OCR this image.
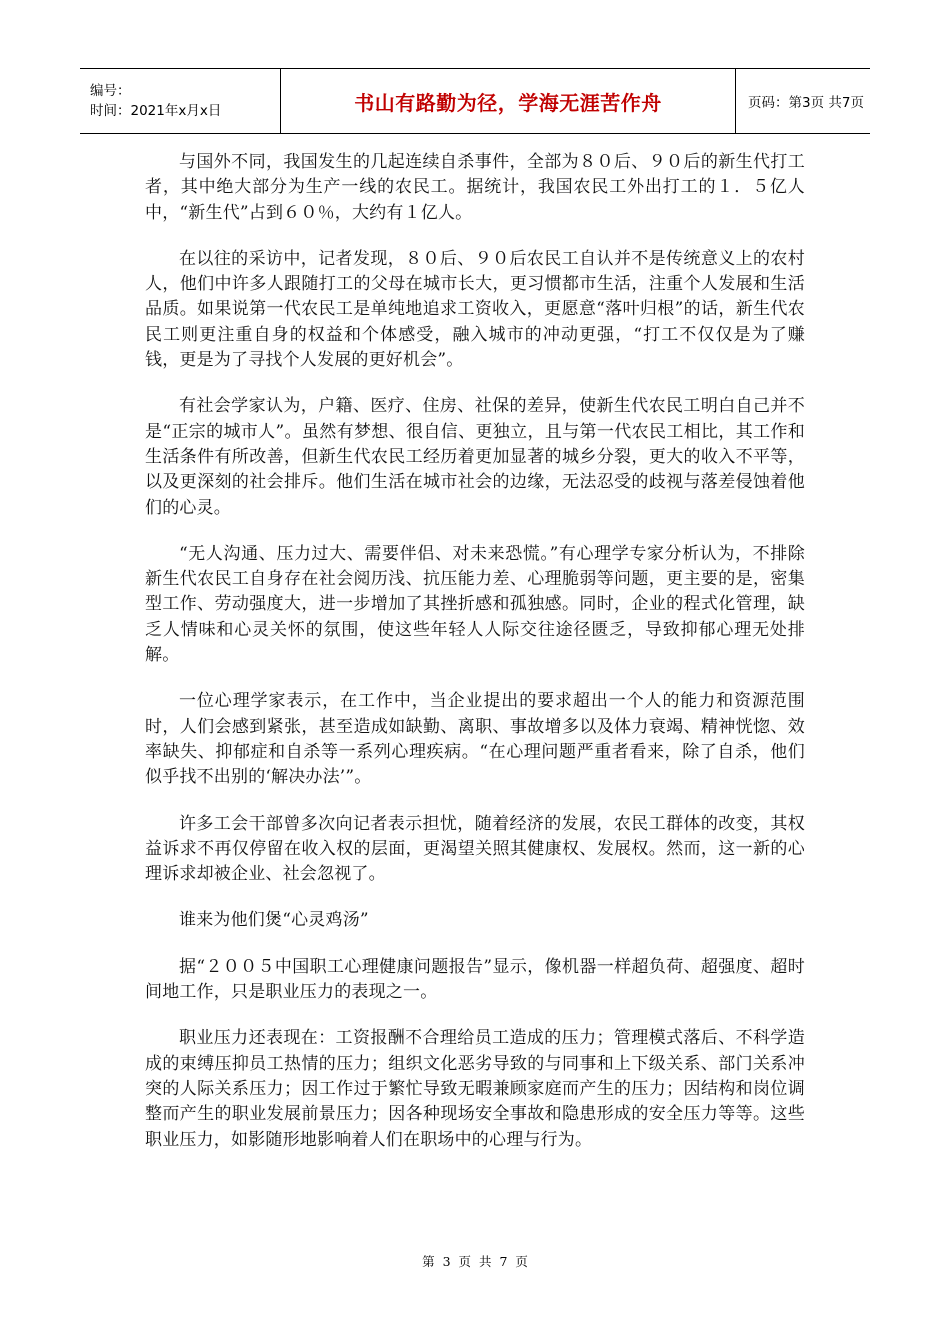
编号：
时间：2021年x月x日	书山有路勤为径，学海无涯苦作舟	页码：第3页 共7页

与国外不同，我国发生的几起连续自杀事件，全部为８０后、９０后的新生代打工者，其中绝大部分为生产一线的农民工。据统计，我国农民工外出打工的１．５亿人中，“新生代”占到６０％，大约有１亿人。

在以往的采访中，记者发现，８０后、９０后农民工自认并不是传统意义上的农村人，他们中许多人跟随打工的父母在城市长大，更习惯都市生活，注重个人发展和生活品质。如果说第一代农民工是单纯地追求工资收入，更愿意“落叶归根”的话，新生代农民工则更注重自身的权益和个体感受，融入城市的冲动更强，“打工不仅仅是为了赚钱，更是为了寻找个人发展的更好机会”。

有社会学家认为，户籍、医疗、住房、社保的差异，使新生代农民工明白自己并不是“正宗的城市人”。虽然有梦想、很自信、更独立，且与第一代农民工相比，其工作和生活条件有所改善，但新生代农民工经历着更加显著的城乡分裂，更大的收入不平等，以及更深刻的社会排斥。他们生活在城市社会的边缘，无法忍受的歧视与落差侵蚀着他们的心灵。

“无人沟通、压力过大、需要伴侣、对未来恐慌。”有心理学专家分析认为，不排除新生代农民工自身存在社会阅历浅、抗压能力差、心理脆弱等问题，更主要的是，密集型工作、劳动强度大，进一步增加了其挫折感和孤独感。同时，企业的程式化管理，缺乏人情味和心灵关怀的氛围，使这些年轻人人际交往途径匮乏，导致抑郁心理无处排解。

一位心理学家表示，在工作中，当企业提出的要求超出一个人的能力和资源范围时，人们会感到紧张，甚至造成如缺勤、离职、事故增多以及体力衰竭、精神恍惚、效率缺失、抑郁症和自杀等一系列心理疾病。“在心理问题严重者看来，除了自杀，他们似乎找不出别的‘解决办法’”。

许多工会干部曾多次向记者表示担忧，随着经济的发展，农民工群体的改变，其权益诉求不再仅停留在收入权的层面，更渴望关照其健康权、发展权。然而，这一新的心理诉求却被企业、社会忽视了。

谁来为他们煲“心灵鸡汤”

据“２００５中国职工心理健康问题报告”显示，像机器一样超负荷、超强度、超时间地工作，只是职业压力的表现之一。

职业压力还表现在：工资报酬不合理给员工造成的压力；管理模式落后、不科学造成的束缚压抑员工热情的压力；组织文化恶劣导致的与同事和上下级关系、部门关系冲突的人际关系压力；因工作过于繁忙导致无暇兼顾家庭而产生的压力；因结构和岗位调整而产生的职业发展前景压力；因各种现场安全事故和隐患形成的安全压力等等。这些职业压力，如影随形地影响着人们在职场中的心理与行为。

第 3 页 共 7 页
